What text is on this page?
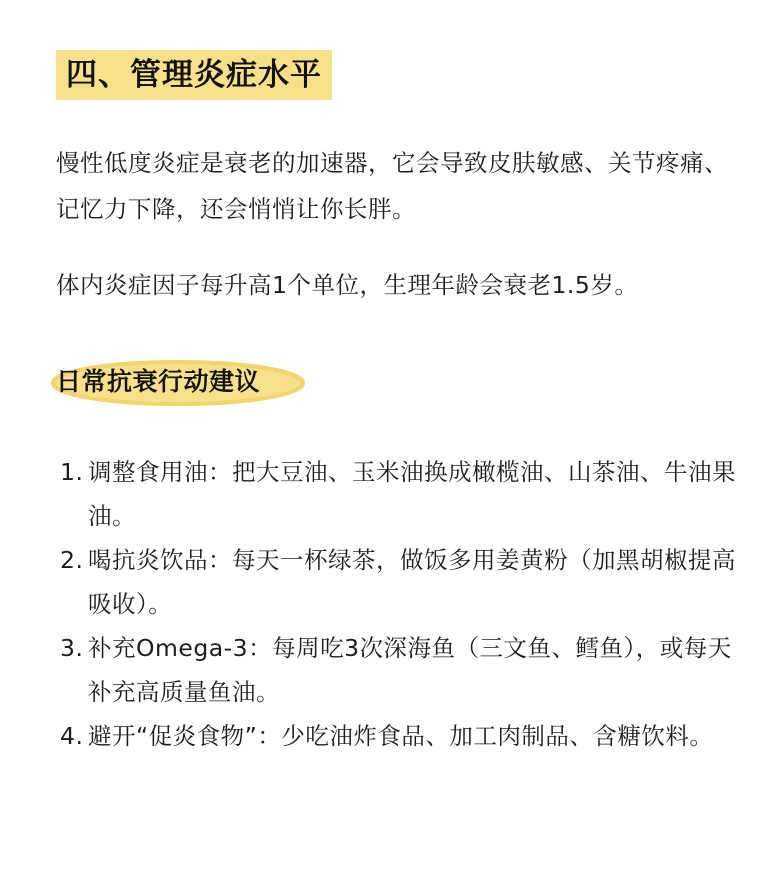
四、管理炎症水平

慢性低度炎症是衰老的加速器，它会导致皮肤敏感、关节疼痛、记忆力下降，还会悄悄让你长胖。

体内炎症因子每升高1个单位，生理年龄会衰老1.5岁。

日常抗衰行动建议
1. 调整食用油：把大豆油、玉米油换成橄榄油、山茶油、牛油果油。
2. 喝抗炎饮品：每天一杯绿茶，做饭多用姜黄粉（加黑胡椒提高吸收）。
3. 补充Omega-3：每周吃3次深海鱼（三文鱼、鳕鱼），或每天补充高质量鱼油。
4. 避开“促炎食物”：少吃油炸食品、加工肉制品、含糖饮料。
